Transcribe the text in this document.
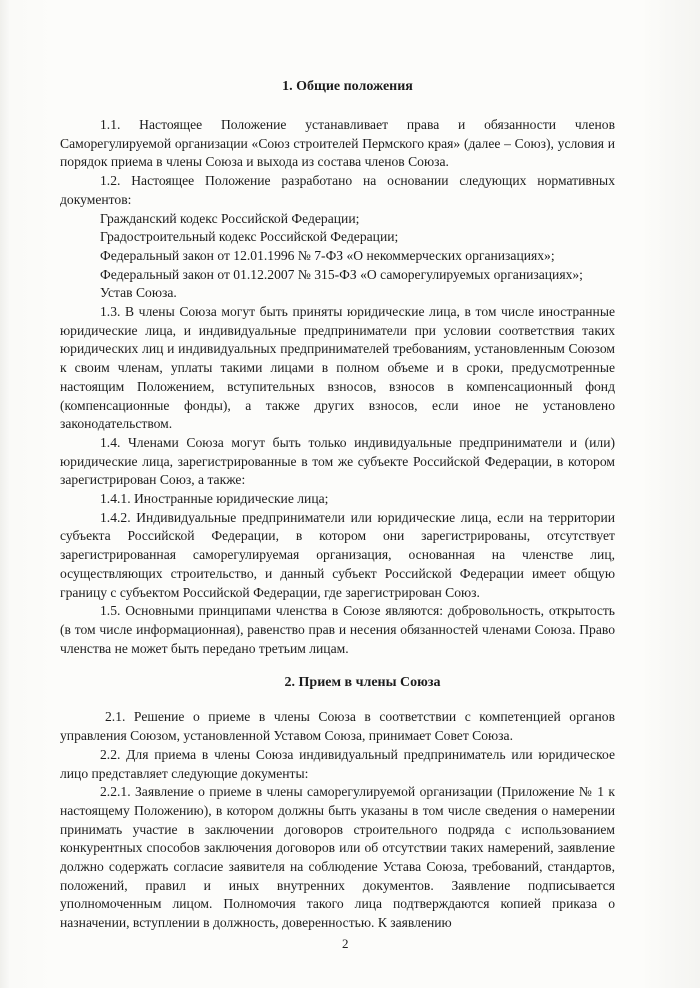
1. Общие положения

1.1. Настоящее Положение устанавливает права и обязанности членов Саморегулируемой организации «Союз строителей Пермского края» (далее – Союз), условия и порядок приема в члены Союза и выхода из состава членов Союза.

1.2. Настоящее Положение разработано на основании следующих нормативных документов:

Гражданский кодекс Российской Федерации;

Градостроительный кодекс Российской Федерации;

Федеральный закон от 12.01.1996 № 7-ФЗ «О некоммерческих организациях»;

Федеральный закон от 01.12.2007 № 315-ФЗ «О саморегулируемых организациях»;

Устав Союза.

1.3. В члены Союза могут быть приняты юридические лица, в том числе иностранные юридические лица, и индивидуальные предприниматели при условии соответствия таких юридических лиц и индивидуальных предпринимателей требованиям, установленным Союзом к своим членам, уплаты такими лицами в полном объеме и в сроки, предусмотренные настоящим Положением, вступительных взносов, взносов в компенсационный фонд (компенсационные фонды), а также других взносов, если иное не установлено законодательством.

1.4. Членами Союза могут быть только индивидуальные предприниматели и (или) юридические лица, зарегистрированные в том же субъекте Российской Федерации, в котором зарегистрирован Союз, а также:

1.4.1. Иностранные юридические лица;

1.4.2. Индивидуальные предприниматели или юридические лица, если на территории субъекта Российской Федерации, в котором они зарегистрированы, отсутствует зарегистрированная саморегулируемая организация, основанная на членстве лиц, осуществляющих строительство, и данный субъект Российской Федерации имеет общую границу с субъектом Российской Федерации, где зарегистрирован Союз.

1.5. Основными принципами членства в Союзе являются: добровольность, открытость (в том числе информационная), равенство прав и несения обязанностей членами Союза. Право членства не может быть передано третьим лицам.

2. Прием в члены Союза

2.1. Решение о приеме в члены Союза в соответствии с компетенцией органов управления Союзом, установленной Уставом Союза, принимает Совет Союза.

2.2. Для приема в члены Союза индивидуальный предприниматель или юридическое лицо представляет следующие документы:

2.2.1. Заявление о приеме в члены саморегулируемой организации (Приложение № 1 к настоящему Положению), в котором должны быть указаны в том числе сведения о намерении принимать участие в заключении договоров строительного подряда с использованием конкурентных способов заключения договоров или об отсутствии таких намерений, заявление должно содержать согласие заявителя на соблюдение Устава Союза, требований, стандартов, положений, правил и иных внутренних документов. Заявление подписывается уполномоченным лицом. Полномочия такого лица подтверждаются копией приказа о назначении, вступлении в должность, доверенностью. К заявлению

2
